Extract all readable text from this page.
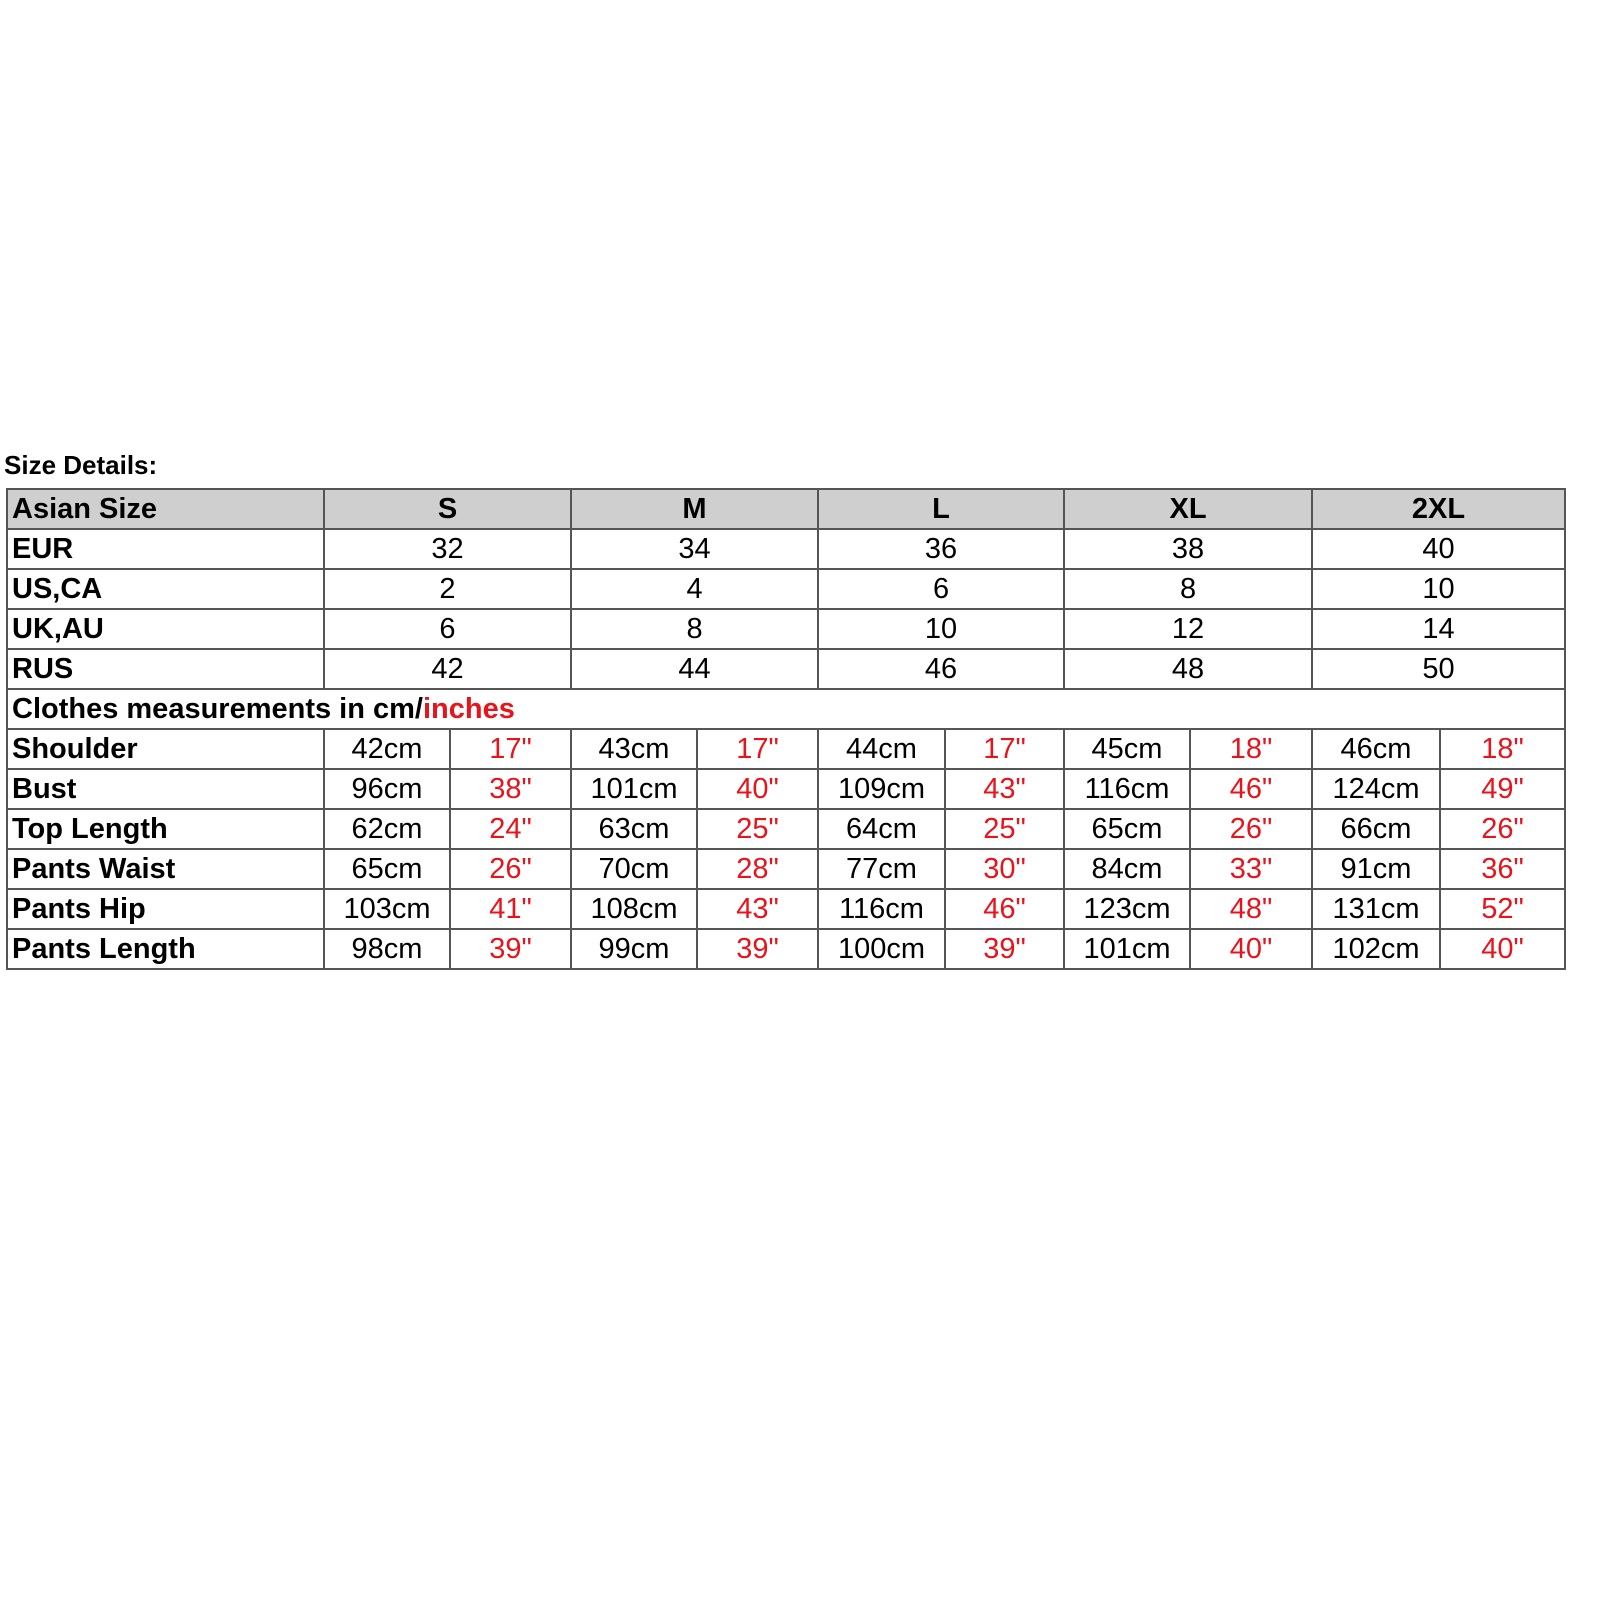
Size Details:
Asian Size	S		M		L		XL		2XL	
EUR	32		34		36		38		40	
US,CA	2		4		6		8		10	
UK,AU	6		8		10		12		14	
RUS	42		44		46		48		50	
Clothes measurements in cm/inches										
Shoulder	42cm	17"	43cm	17"	44cm	17"	45cm	18"	46cm	18"
Bust	96cm	38"	101cm	40"	109cm	43"	116cm	46"	124cm	49"
Top Length	62cm	24"	63cm	25"	64cm	25"	65cm	26"	66cm	26"
Pants Waist	65cm	26"	70cm	28"	77cm	30"	84cm	33"	91cm	36"
Pants Hip	103cm	41"	108cm	43"	116cm	46"	123cm	48"	131cm	52"
Pants Length	98cm	39"	99cm	39"	100cm	39"	101cm	40"	102cm	40"
